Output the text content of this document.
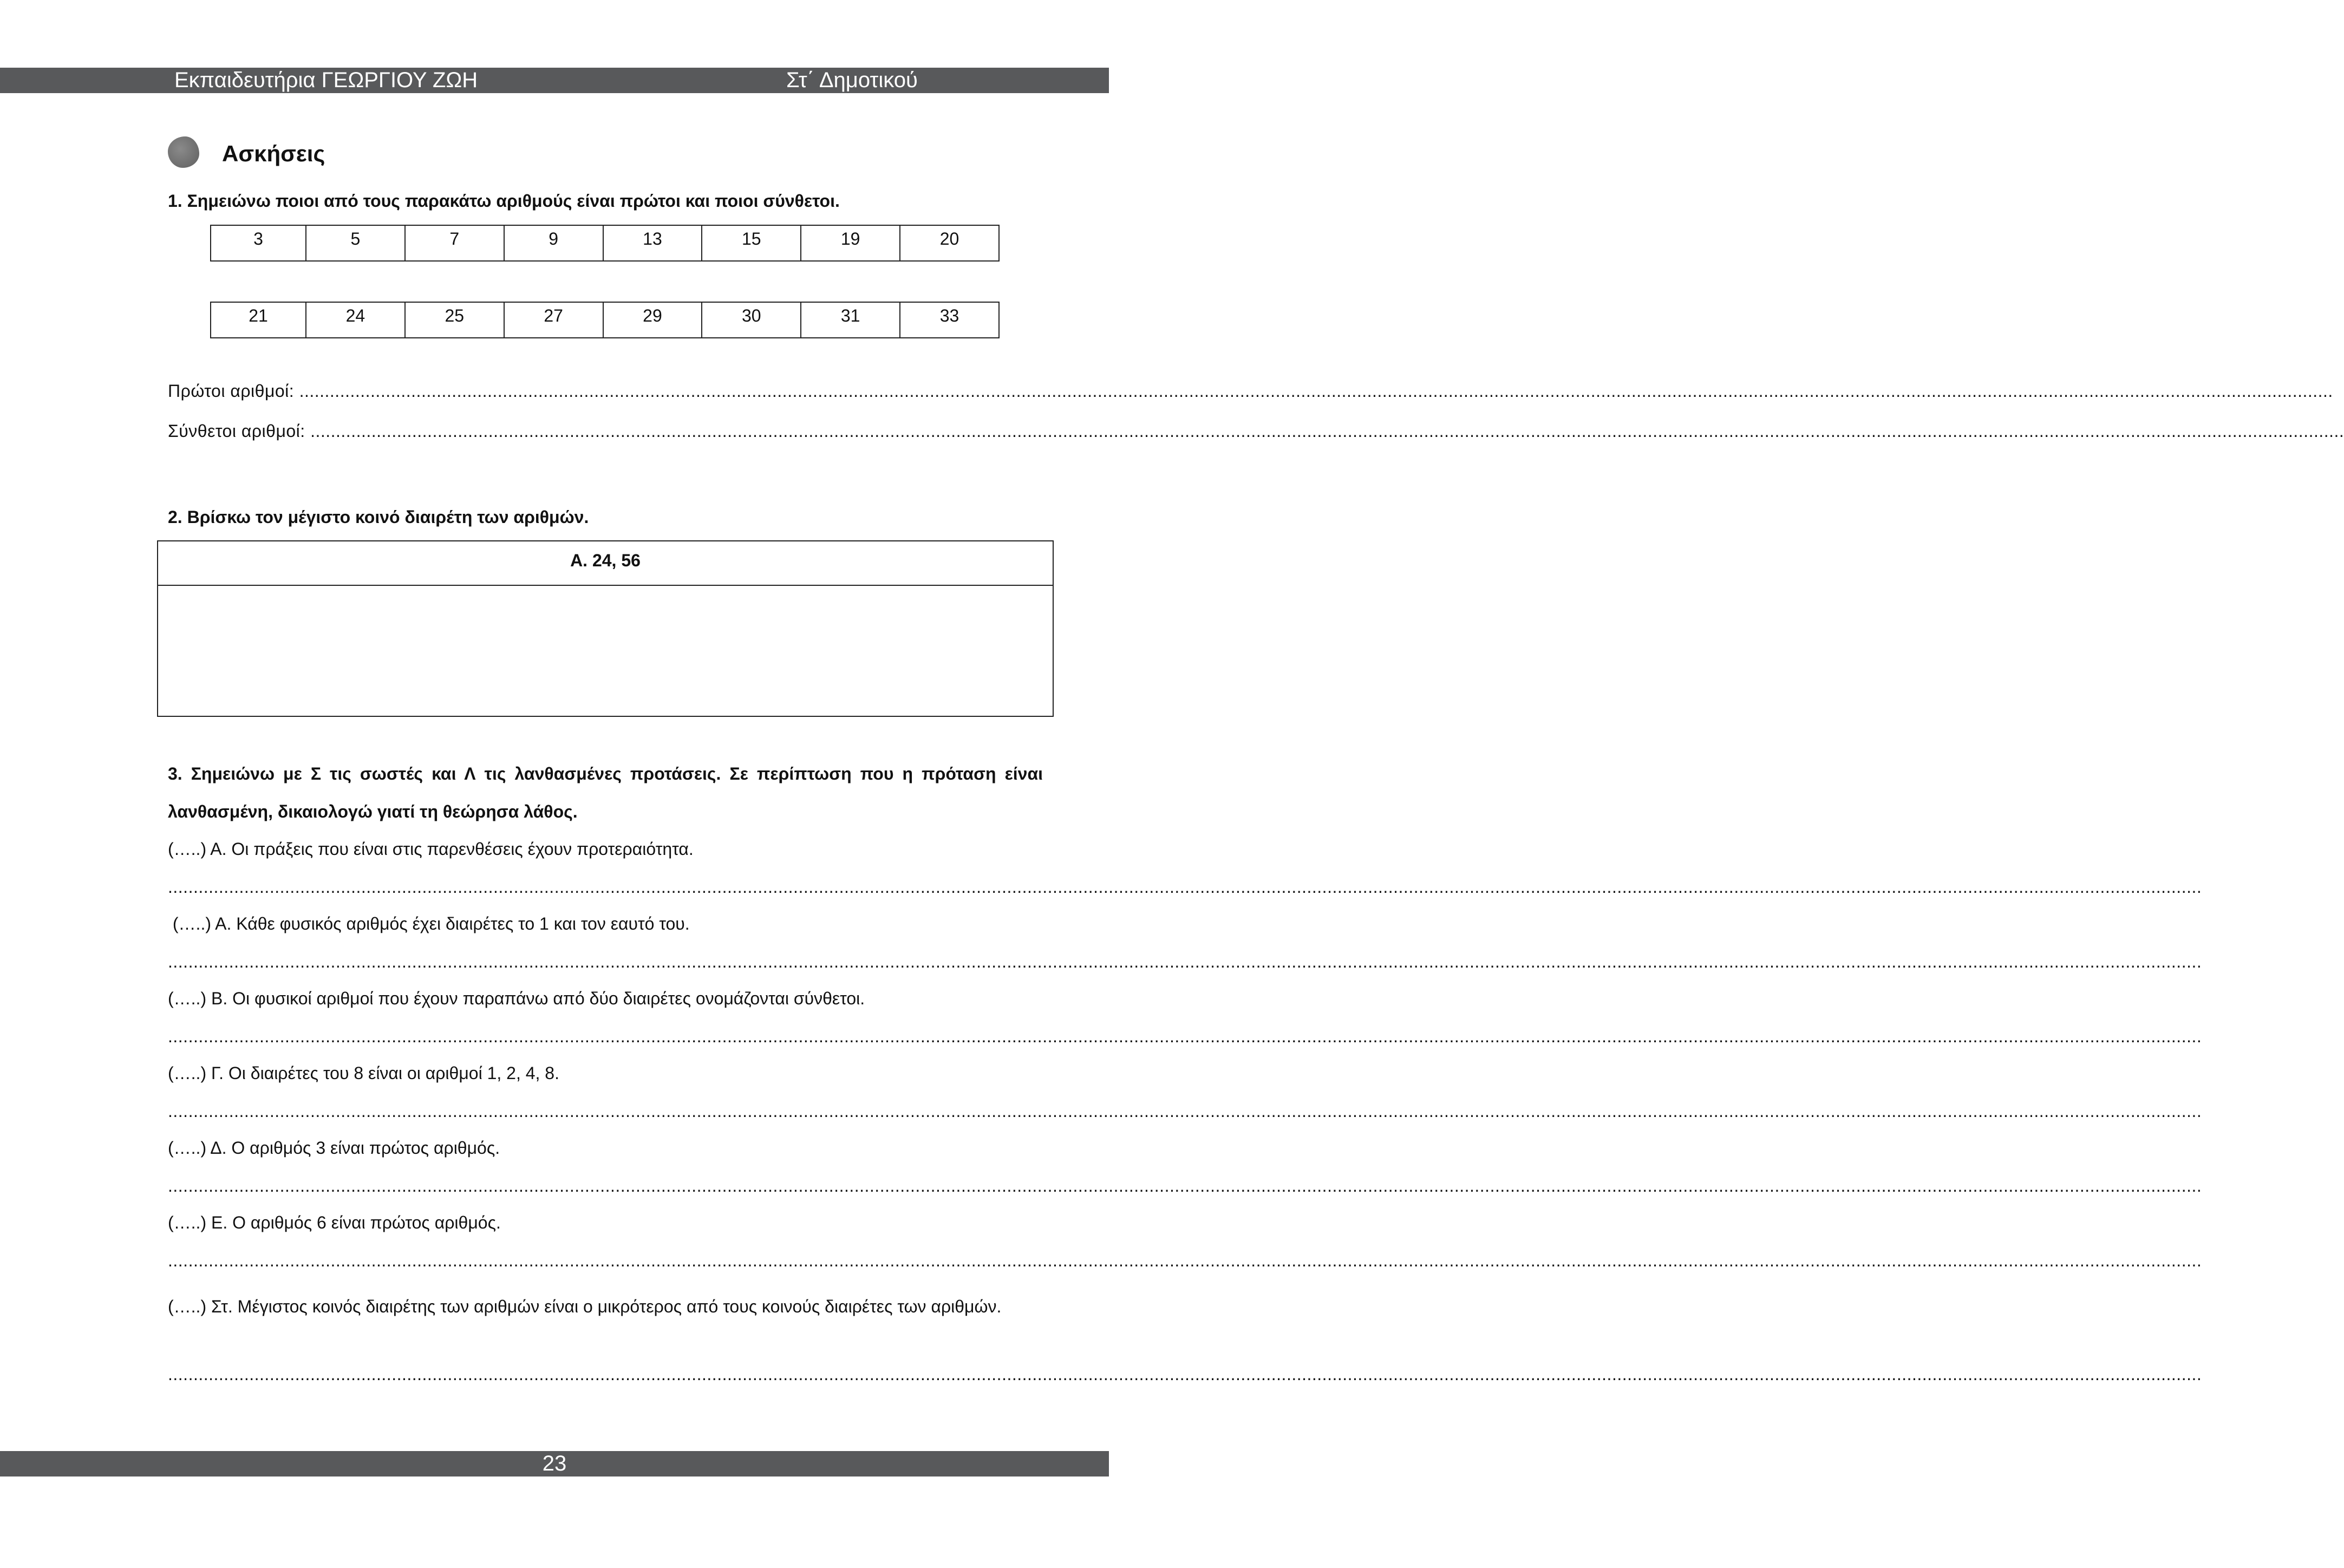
Εκπαιδευτήρια ΓΕΩΡΓΙΟΥ ΖΩΗ	Στ΄ Δημοτικού
Ασκήσεις
1. Σημειώνω ποιοι από τους παρακάτω αριθμούς είναι πρώτοι και ποιοι σύνθετοι.
3	5	7	9	13	15	19	20
21	24	25	27	29	30	31	33
Πρώτοι αριθμοί: ................................................................................................................................................................................................................................................................................................................................................................................................................
Σύνθετοι αριθμοί: ................................................................................................................................................................................................................................................................................................................................................................................................................
2. Βρίσκω τον μέγιστο κοινό διαιρέτη των αριθμών.
Α. 24, 56
3. Σημειώνω με Σ τις σωστές και Λ τις λανθασμένες προτάσεις. Σε περίπτωση που η πρόταση είναι λανθασμένη, δικαιολογώ γιατί τη θεώρησα λάθος.
(…..) Α. Οι πράξεις που είναι στις παρενθέσεις έχουν προτεραιότητα.
................................................................................................................................................................................................................................................................................................................................................................................................................
(…..) Α. Κάθε φυσικός αριθμός έχει διαιρέτες το 1 και τον εαυτό του.
................................................................................................................................................................................................................................................................................................................................................................................................................
(…..) Β. Οι φυσικοί αριθμοί που έχουν παραπάνω από δύο διαιρέτες ονομάζονται σύνθετοι.
................................................................................................................................................................................................................................................................................................................................................................................................................
(…..) Γ. Οι διαιρέτες του 8 είναι οι αριθμοί 1, 2, 4, 8.
................................................................................................................................................................................................................................................................................................................................................................................................................
(…..) Δ. Ο αριθμός 3 είναι πρώτος αριθμός.
................................................................................................................................................................................................................................................................................................................................................................................................................
(…..) Ε. Ο αριθμός 6 είναι πρώτος αριθμός.
................................................................................................................................................................................................................................................................................................................................................................................................................
(…..) Στ. Μέγιστος κοινός διαιρέτης των αριθμών είναι ο μικρότερος από τους κοινούς διαιρέτες των αριθμών.
................................................................................................................................................................................................................................................................................................................................................................................................................
23
